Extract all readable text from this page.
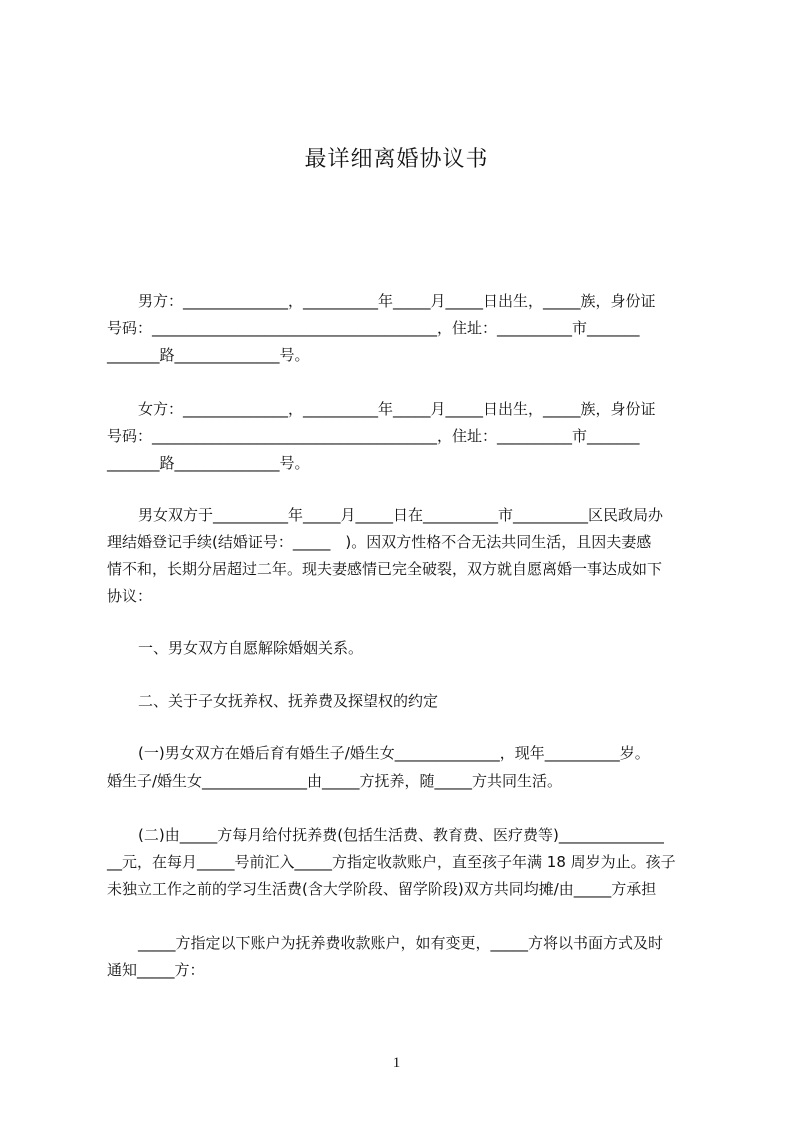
最详细离婚协议书
男方：______________，__________年_____月_____日出生，_____族，身份证
号码：______________________________________，住址：__________市_______
_______路______________号。
女方：______________，__________年_____月_____日出生，_____族，身份证
号码：______________________________________，住址：__________市_______
_______路______________号。
男女双方于__________年_____月_____日在__________市__________区民政局办
理结婚登记手续(结婚证号：_____　)。因双方性格不合无法共同生活，且因夫妻感
情不和，长期分居超过二年。现夫妻感情已完全破裂，双方就自愿离婚一事达成如下
协议：
一、男女双方自愿解除婚姻关系。
二、关于子女抚养权、抚养费及探望权的约定
(一)男女双方在婚后育有婚生子/婚生女______________，现年__________岁。
婚生子/婚生女______________由_____方抚养，随_____方共同生活。
(二)由_____方每月给付抚养费(包括生活费、教育费、医疗费等)______________
__元，在每月_____号前汇入_____方指定收款账户，直至孩子年满 18 周岁为止。孩子
未独立工作之前的学习生活费(含大学阶段、留学阶段)双方共同均摊/由_____方承担
_____方指定以下账户为抚养费收款账户，如有变更，_____方将以书面方式及时
通知_____方：
1
